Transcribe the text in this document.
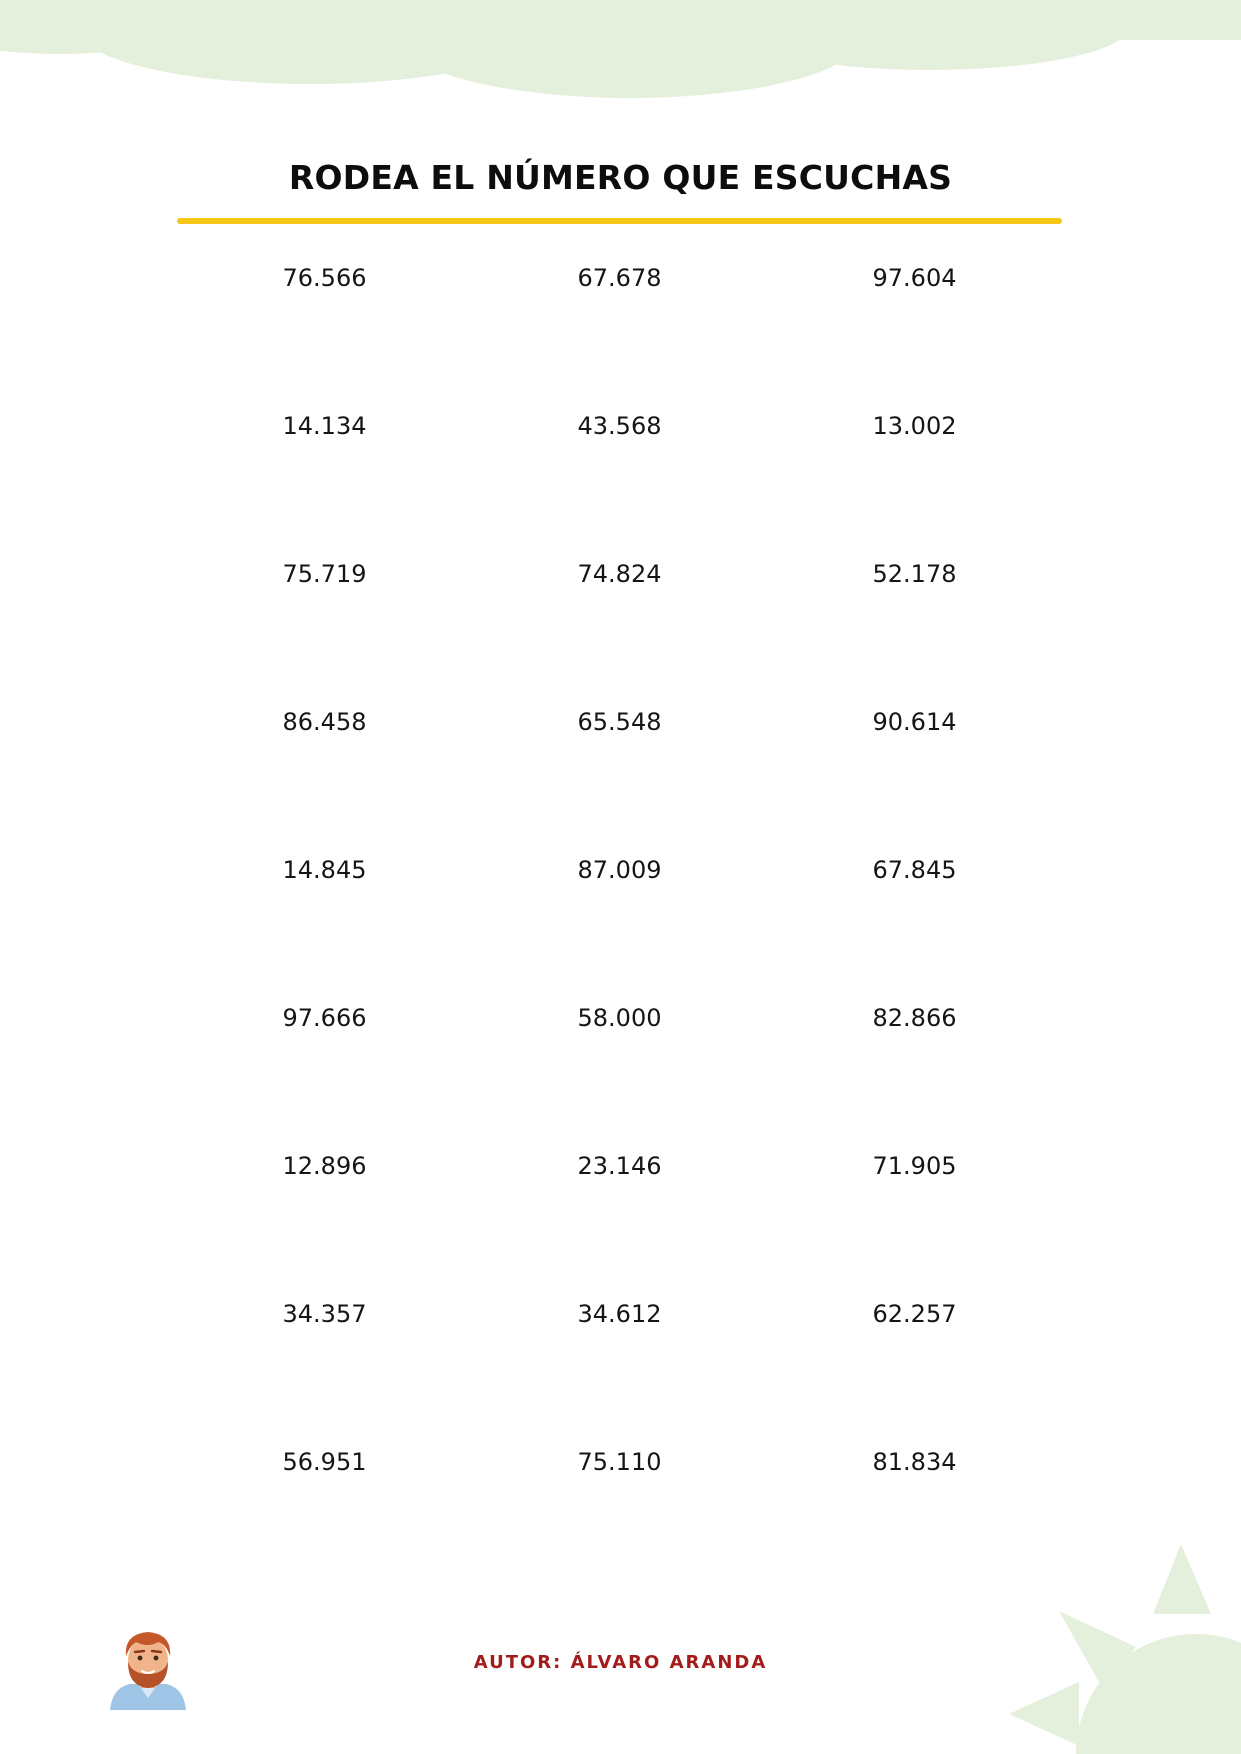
RODEA EL NÚMERO QUE ESCUCHAS
76.566	67.678	97.604
14.134	43.568	13.002
75.719	74.824	52.178
86.458	65.548	90.614
14.845	87.009	67.845
97.666	58.000	82.866
12.896	23.146	71.905
34.357	34.612	62.257
56.951	75.110	81.834
AUTOR: ÁLVARO ARANDA
